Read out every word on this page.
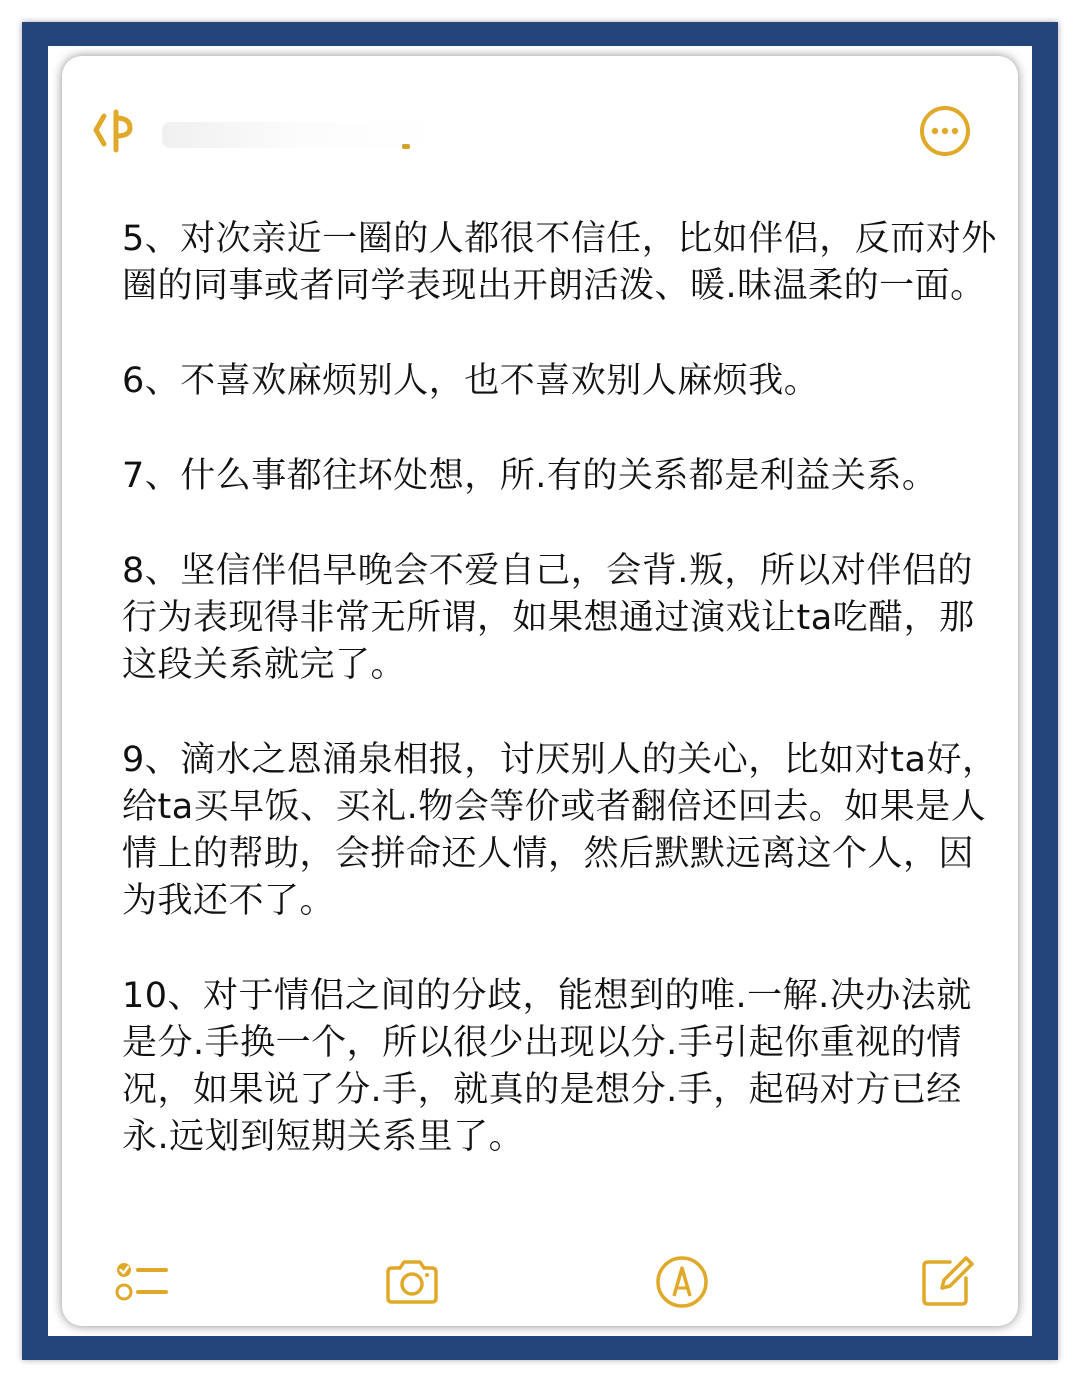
5、对次亲近一圈的人都很不信任，比如伴侣，反而对外圈的同事或者同学表现出开朗活泼、暖.昧温柔的一面。

6、不喜欢麻烦别人，也不喜欢别人麻烦我。

7、什么事都往坏处想，所.有的关系都是利益关系。

8、坚信伴侣早晚会不爱自己，会背.叛，所以对伴侣的行为表现得非常无所谓，如果想通过演戏让ta吃醋，那这段关系就完了。

9、滴水之恩涌泉相报，讨厌别人的关心，比如对ta好，给ta买早饭、买礼.物会等价或者翻倍还回去。如果是人情上的帮助，会拼命还人情，然后默默远离这个人，因为我还不了。

10、对于情侣之间的分歧，能想到的唯.一解.决办法就是分.手换一个，所以很少出现以分.手引起你重视的情况，如果说了分.手，就真的是想分.手，起码对方已经永.远划到短期关系里了。
